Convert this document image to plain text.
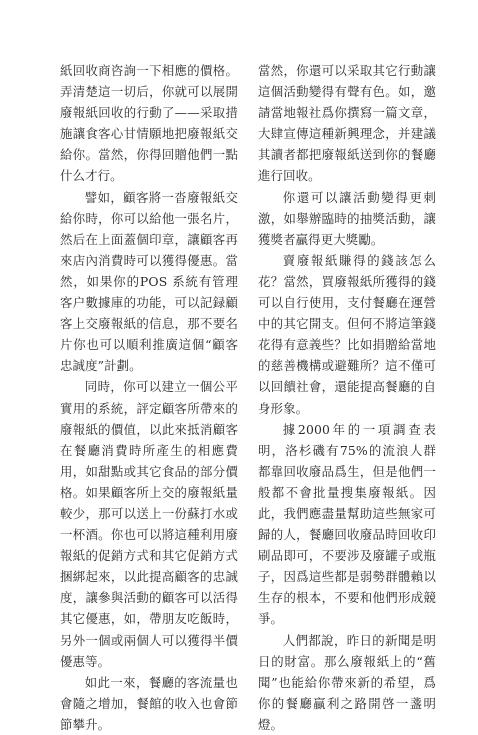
紙回收商咨詢一下相應的價格。弄清楚這一切后，你就可以展開廢報紙回收的行動了——采取措施讓食客心甘情願地把廢報紙交給你。當然，你得回贈他們一點什么才行。

譬如，顧客將一沓廢報紙交給你時，你可以給他一張名片，然后在上面蓋個印章，讓顧客再來店內消費時可以獲得優惠。當然，如果你的POS 系統有管理客户數據庫的功能，可以記録顧客上交廢報紙的信息，那不要名片你也可以順利推廣這個“顧客忠誠度”計劃。

同時，你可以建立一個公平實用的系統，評定顧客所帶來的廢報紙的價值，以此來抵消顧客在餐廳消費時所產生的相應費用，如甜點或其它食品的部分價格。如果顧客所上交的廢報紙量較少，那可以送上一份蘇打水或一杯酒。你也可以將這種利用廢報紙的促銷方式和其它促銷方式捆綁起來，以此提高顧客的忠誠度，讓參與活動的顧客可以活得其它優惠，如，帶朋友吃飯時，另外一個或兩個人可以獲得半價優惠等。

如此一來，餐廳的客流量也會隨之增加，餐館的收入也會節節攀升。

當然，你還可以采取其它行動讓這個活動變得有聲有色。如，邀請當地報社爲你撰寫一篇文章，大肆宣傳這種新興理念，并建議其讀者都把廢報紙送到你的餐廳進行回收。

你還可以讓活動變得更刺激，如舉辦臨時的抽獎活動，讓獲獎者贏得更大獎勵。

賣廢報紙賺得的錢該怎么花？當然，買廢報紙所獲得的錢可以自行使用，支付餐廳在運營中的其它開支。但何不將這筆錢花得有意義些？比如捐贈給當地的慈善機構或避難所？這不僅可以回饋社會，還能提高餐廳的自身形象。

據2000年的一項調查表明，洛杉磯有75%的流浪人群都靠回收廢品爲生，但是他們一般都不會批量搜集廢報紙。因此，我們應盡量幫助這些無家可歸的人，餐廳回收廢品時回收印刷品即可，不要涉及廢罐子或瓶子，因爲這些都是弱勢群體賴以生存的根本，不要和他們形成競爭。

人們都說，昨日的新聞是明日的財富。那么廢報紙上的“舊聞”也能給你帶來新的希望，爲你的餐廳贏利之路開啓一盞明燈。
